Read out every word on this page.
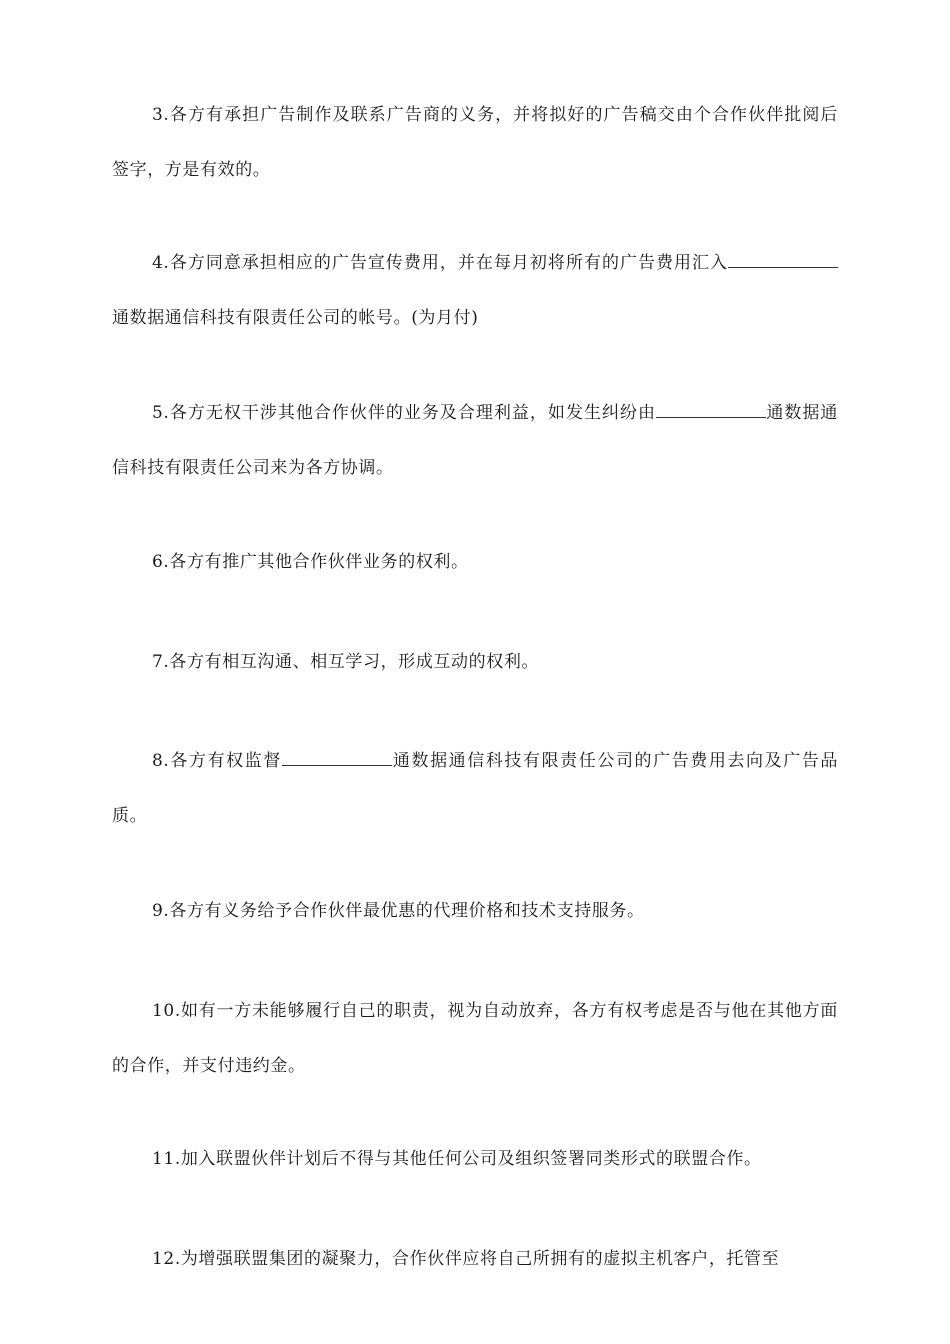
3.各方有承担广告制作及联系广告商的义务，并将拟好的广告稿交由个合作伙伴批阅后签字，方是有效的。

4.各方同意承担相应的广告宣传费用，并在每月初将所有的广告费用汇入通数据通信科技有限责任公司的帐号。(为月付)

5.各方无权干涉其他合作伙伴的业务及合理利益，如发生纠纷由	通数据通信科技有限责任公司来为各方协调。

6.各方有推广其他合作伙伴业务的权利。

7.各方有相互沟通、相互学习，形成互动的权利。

8.各方有权监督	通数据通信科技有限责任公司的广告费用去向及广告品质。

9.各方有义务给予合作伙伴最优惠的代理价格和技术支持服务。

10.如有一方未能够履行自己的职责，视为自动放弃，各方有权考虑是否与他在其他方面的合作，并支付违约金。

11.加入联盟伙伴计划后不得与其他任何公司及组织签署同类形式的联盟合作。

12.为增强联盟集团的凝聚力，合作伙伴应将自己所拥有的虚拟主机客户，托管至
